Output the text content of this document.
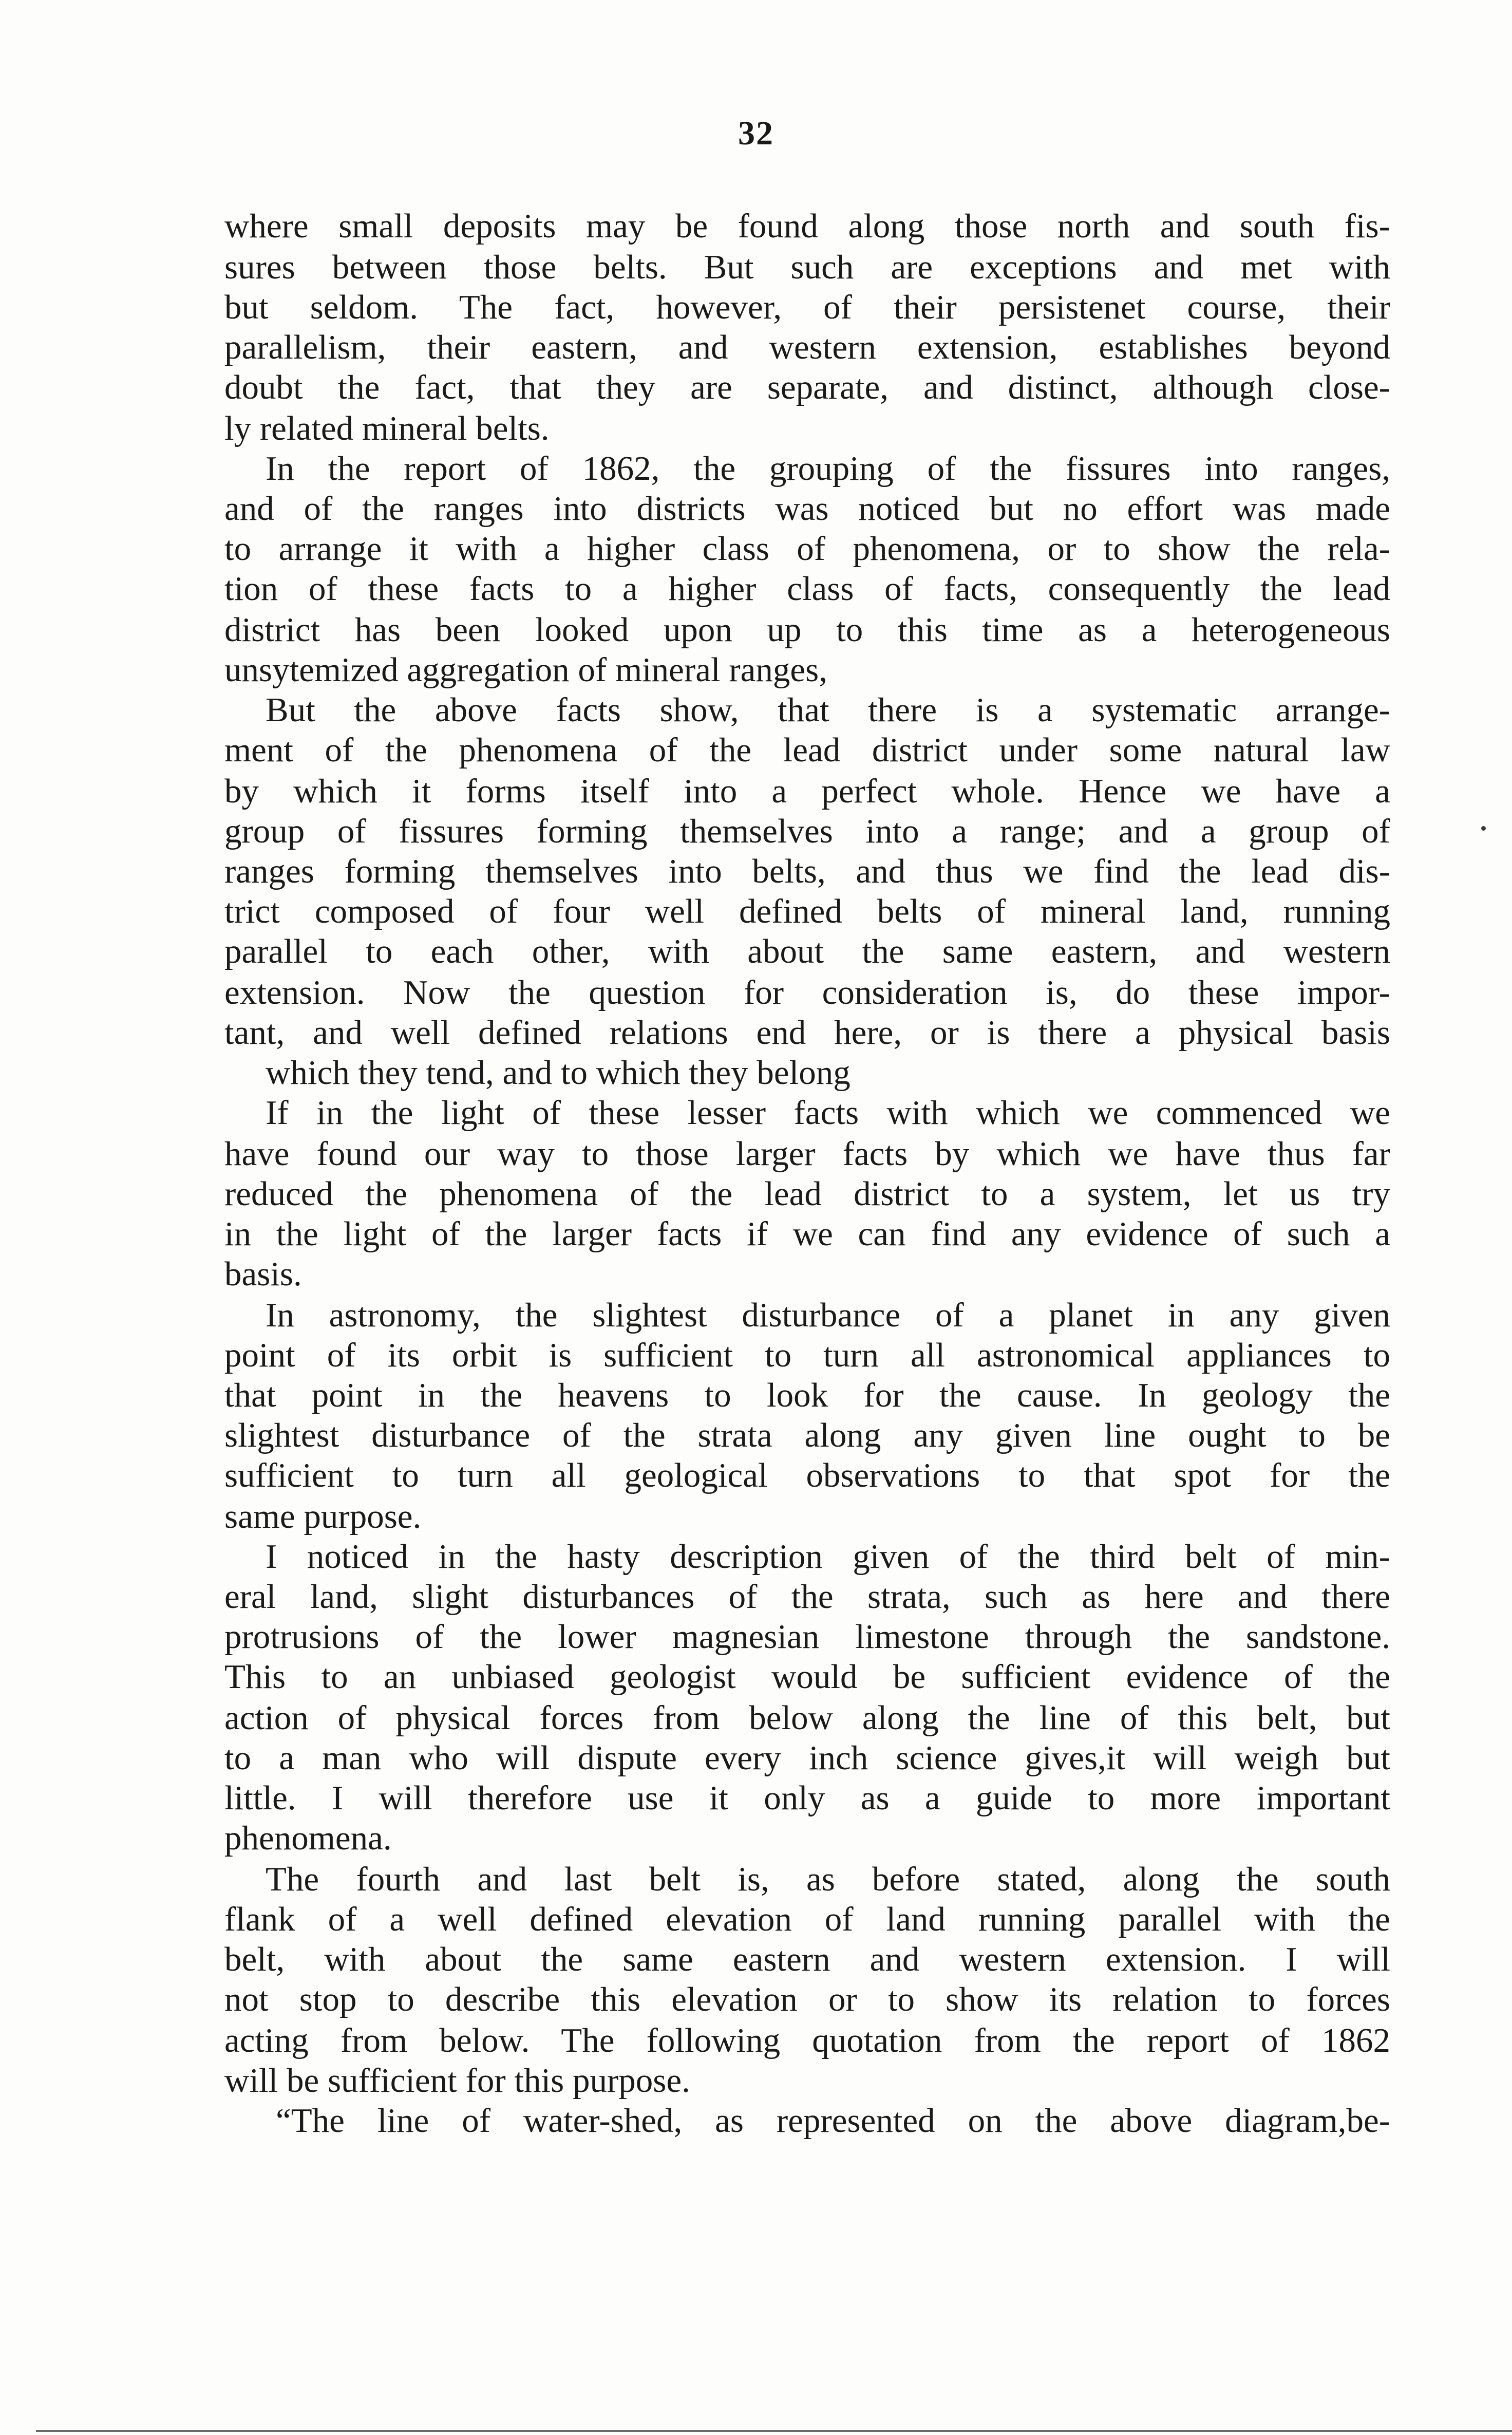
32
where small deposits may be found along those north and south fis-
sures between those belts. But such are exceptions and met with
but seldom. The fact, however, of their persistenet course, their
parallelism, their eastern, and western extension, establishes beyond
doubt the fact, that they are separate, and distinct, although close-
ly related mineral belts.
In the report of 1862, the grouping of the fissures into ranges,
and of the ranges into districts was noticed but no effort was made
to arrange it with a higher class of phenomena, or to show the rela-
tion of these facts to a higher class of facts, consequently the lead
district has been looked upon up to this time as a heterogeneous
unsytemized aggregation of mineral ranges,
But the above facts show, that there is a systematic arrange-
ment of the phenomena of the lead district under some natural law
by which it forms itself into a perfect whole. Hence we have a
group of fissures forming themselves into a range; and a group of
ranges forming themselves into belts, and thus we find the lead dis-
trict composed of four well defined belts of mineral land, running
parallel to each other, with about the same eastern, and western
extension. Now the question for consideration is, do these impor-
tant, and well defined relations end here, or is there a physical basis
which they tend, and to which they belong
If in the light of these lesser facts with which we commenced we
have found our way to those larger facts by which we have thus far
reduced the phenomena of the lead district to a system, let us try
in the light of the larger facts if we can find any evidence of such a
basis.
In astronomy, the slightest disturbance of a planet in any given
point of its orbit is sufficient to turn all astronomical appliances to
that point in the heavens to look for the cause. In geology the
slightest disturbance of the strata along any given line ought to be
sufficient to turn all geological observations to that spot for the
same purpose.
I noticed in the hasty description given of the third belt of min-
eral land, slight disturbances of the strata, such as here and there
protrusions of the lower magnesian limestone through the sandstone.
This to an unbiased geologist would be sufficient evidence of the
action of physical forces from below along the line of this belt, but
to a man who will dispute every inch science gives,it will weigh but
little. I will therefore use it only as a guide to more important
phenomena.
The fourth and last belt is, as before stated, along the south
flank of a well defined elevation of land running parallel with the
belt, with about the same eastern and western extension. I will
not stop to describe this elevation or to show its relation to forces
acting from below. The following quotation from the report of 1862
will be sufficient for this purpose.
“The line of water-shed, as represented on the above diagram,be-
